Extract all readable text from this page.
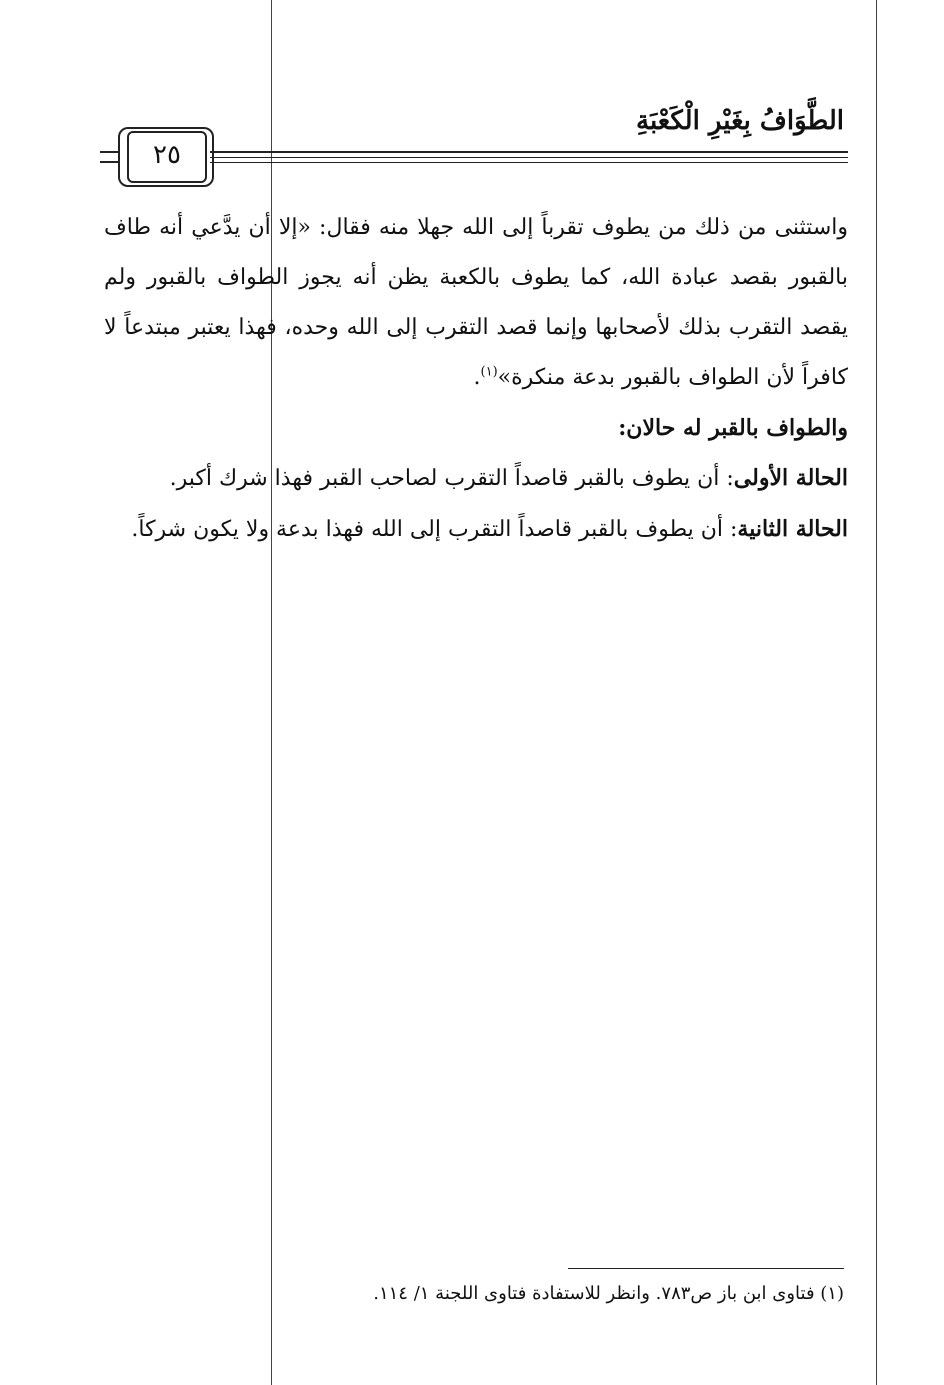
الطَّوَافُ بِغَيْرِ الْكَعْبَةِ
٢٥

واستثنى من ذلك من يطوف تقرباً إلى الله جهلا منه فقال: «إلا أن يدَّعي أنه طاف بالقبور بقصد عبادة الله، كما يطوف بالكعبة يظن أنه يجوز الطواف بالقبور ولم يقصد التقرب بذلك لأصحابها وإنما قصد التقرب إلى الله وحده، فهذا يعتبر مبتدعاً لا كافراً لأن الطواف بالقبور بدعة منكرة»$^{(١)}$.

والطواف بالقبر له حالان:

الحالة الأولى: أن يطوف بالقبر قاصداً التقرب لصاحب القبر فهذا شرك أكبر.

الحالة الثانية: أن يطوف بالقبر قاصداً التقرب إلى الله فهذا بدعة ولا يكون شركاً.

(١) فتاوى ابن باز ص٧٨٣. وانظر للاستفادة فتاوى اللجنة ١/ ١١٤.
